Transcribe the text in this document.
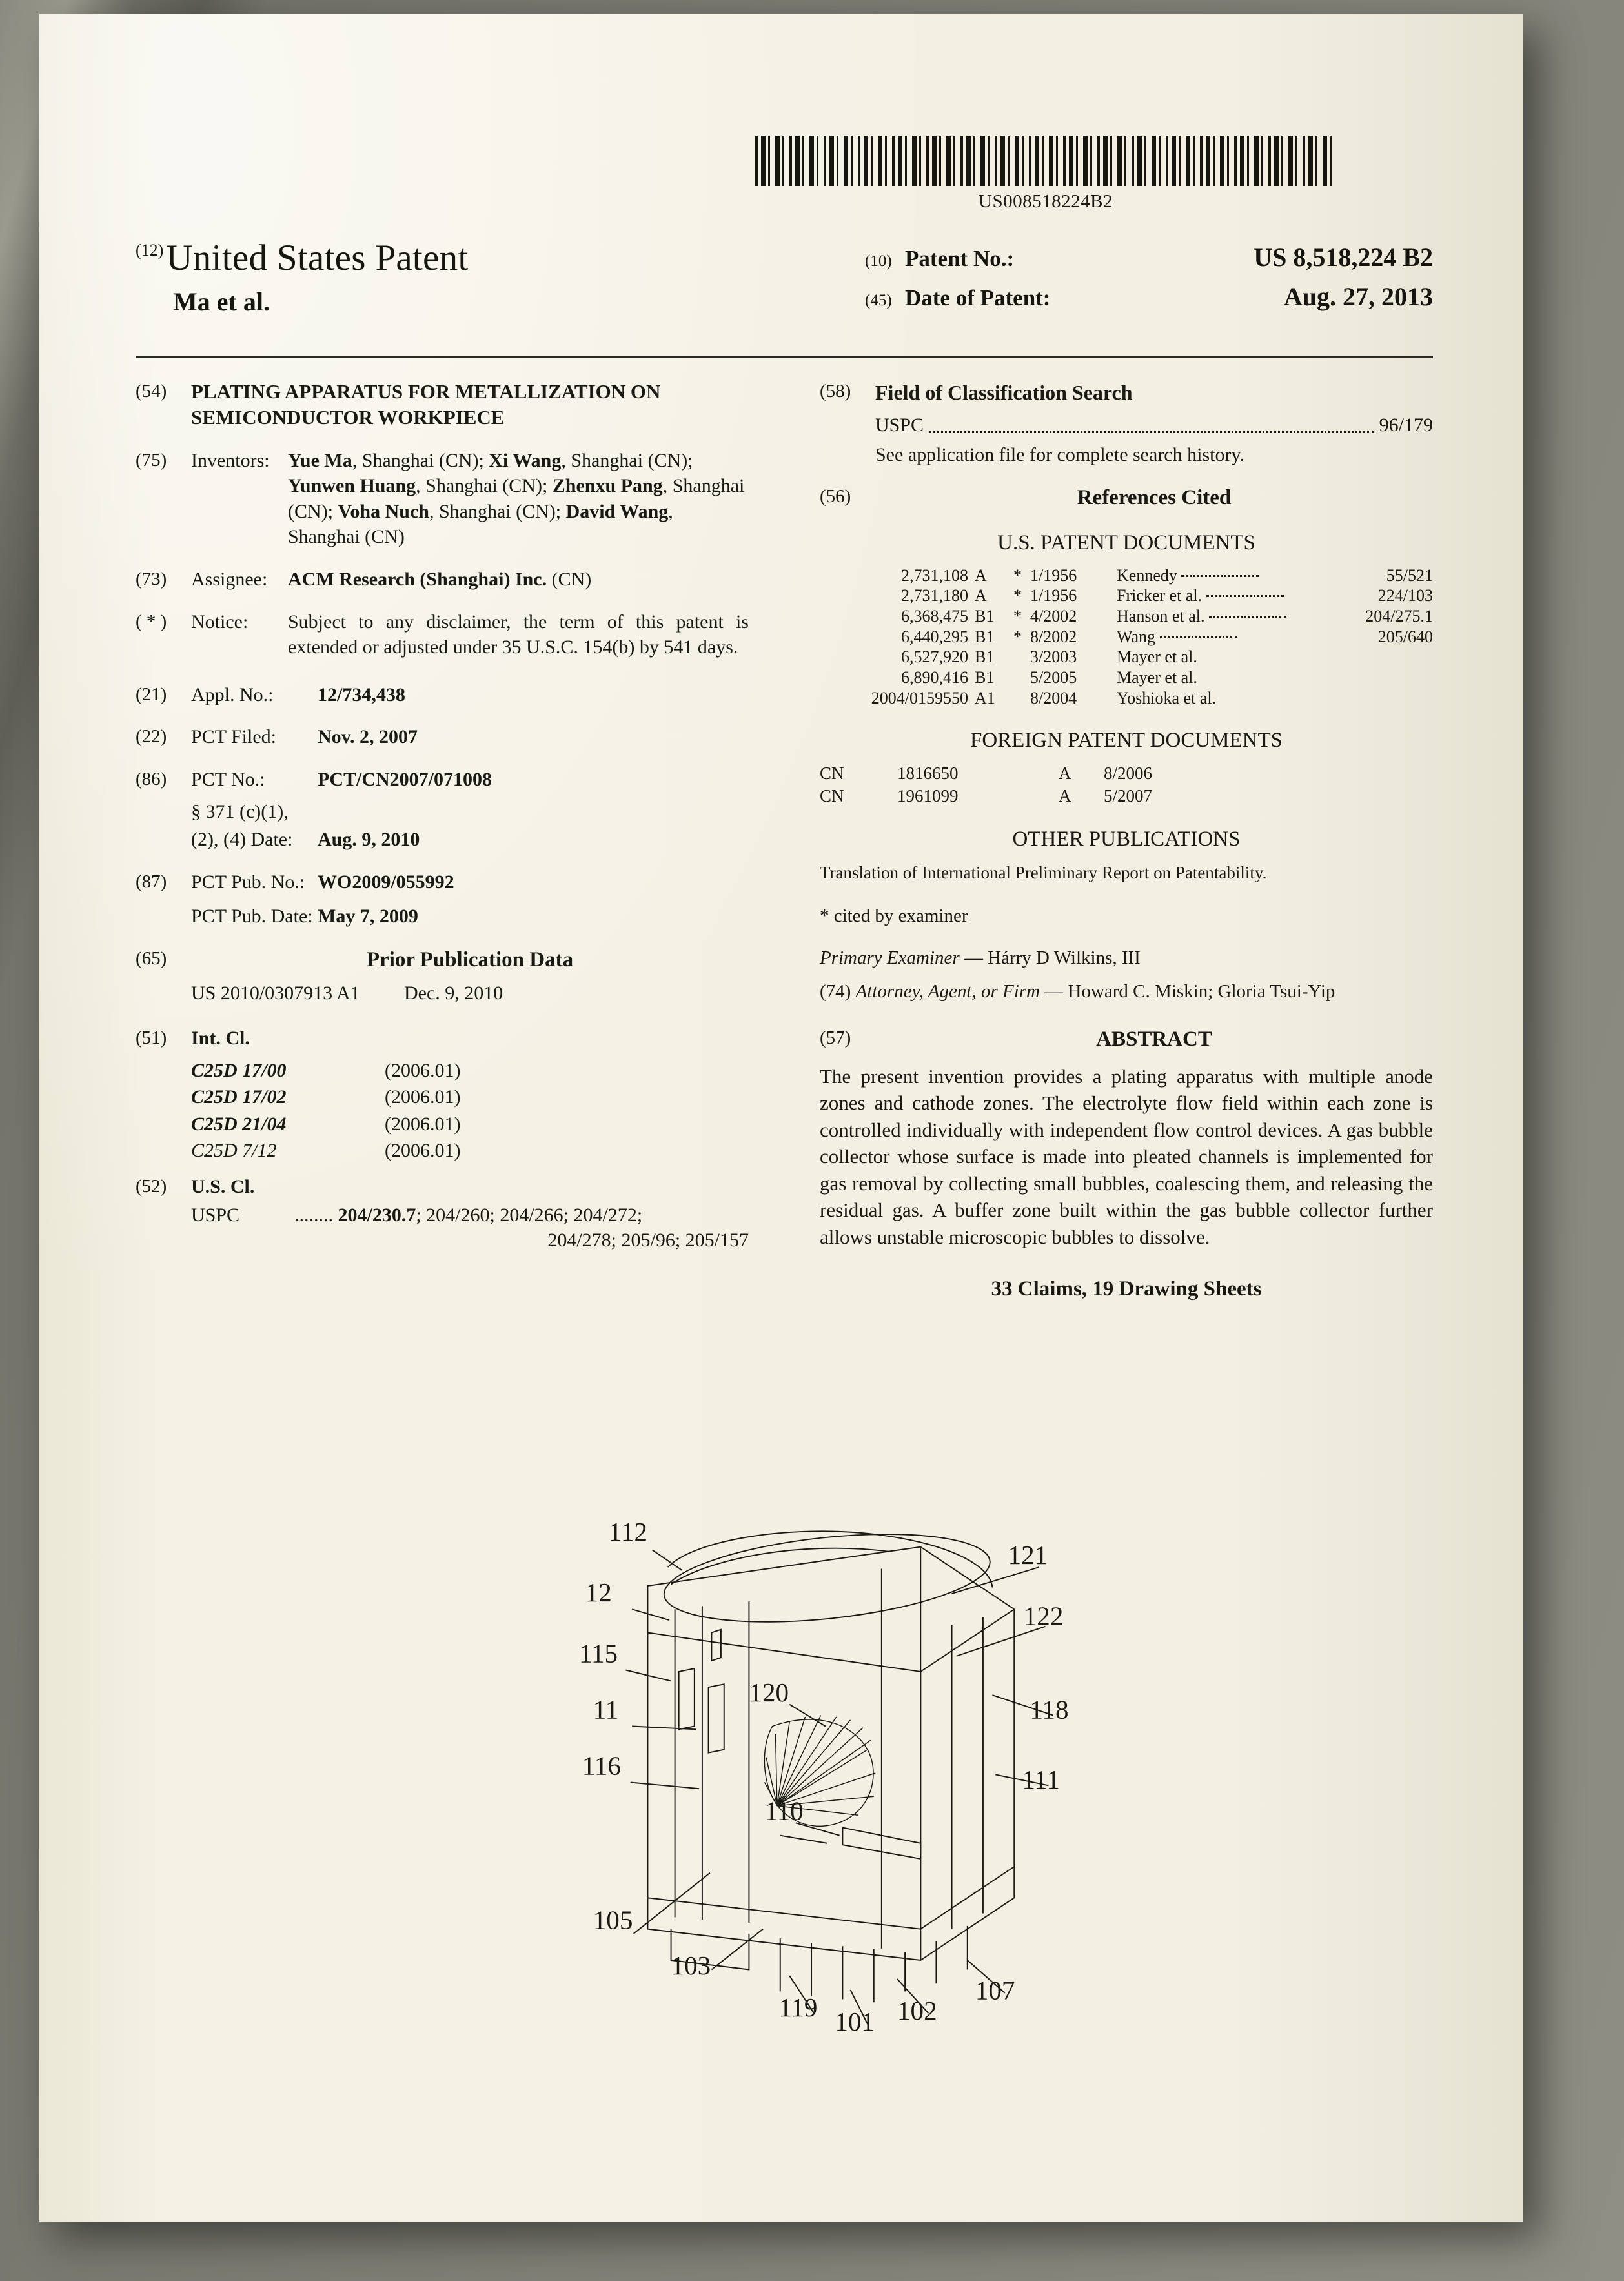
US008518224B2
(12) United States Patent
Ma et al.
(10) Patent No.:	US 8,518,224 B2
(45) Date of Patent:	Aug. 27, 2013
(54)	PLATING APPARATUS FOR METALLIZATION ON SEMICONDUCTOR WORKPIECE
(75)	Inventors: Yue Ma, Shanghai (CN); Xi Wang, Shanghai (CN); Yunwen Huang, Shanghai (CN); Zhenxu Pang, Shanghai (CN); Voha Nuch, Shanghai (CN); David Wang, Shanghai (CN)
(73)	Assignee:	ACM Research (Shanghai) Inc. (CN)
( * )	Notice:	Subject to any disclaimer, the term of this patent is extended or adjusted under 35 U.S.C. 154(b) by 541 days.
(21)	Appl. No.:	12/734,438
(22)	PCT Filed:	Nov. 2, 2007
(86)	PCT No.:	PCT/CN2007/071008
§ 371 (c)(1),
(2), (4) Date:	Aug. 9, 2010
(87)	PCT Pub. No.: WO2009/055992
PCT Pub. Date: May 7, 2009
(65)	Prior Publication Data
US 2010/0307913 A1	Dec. 9, 2010
(51)	Int. Cl.
C25D 17/00	(2006.01)
C25D 17/02	(2006.01)
C25D 21/04	(2006.01)
C25D 7/12	(2006.01)
(52)	U.S. Cl.
USPC	........ 204/230.7; 204/260; 204/266; 204/272;
204/278; 205/96; 205/157
(58)	Field of Classification Search
USPC	96/179
See application file for complete search history.
(56)	References Cited
U.S. PATENT DOCUMENTS
2,731,108 A	* 1/1956	Kennedy	55/521
2,731,180 A	* 1/1956	Fricker et al.	224/103
6,368,475 B1	* 4/2002	Hanson et al.	204/275.1
6,440,295 B1	* 8/2002	Wang	205/640
6,527,920 B1	3/2003	Mayer et al.
6,890,416 B1	5/2005	Mayer et al.
2004/0159550 A1	8/2004	Yoshioka et al.
FOREIGN PATENT DOCUMENTS
CN	1816650	A	8/2006
CN	1961099	A	5/2007
OTHER PUBLICATIONS
Translation of International Preliminary Report on Patentability.
* cited by examiner
Primary Examiner — Hárry D Wilkins, III
(74) Attorney, Agent, or Firm — Howard C. Miskin; Gloria Tsui-Yip
(57)	ABSTRACT
The present invention provides a plating apparatus with multiple anode zones and cathode zones. The electrolyte flow field within each zone is controlled individually with independent flow control devices. A gas bubble collector whose surface is made into pleated channels is implemented for gas removal by collecting small bubbles, coalescing them, and releasing the residual gas. A buffer zone built within the gas bubble collector further allows unstable microscopic bubbles to dissolve.
33 Claims, 19 Drawing Sheets
112
12
115
11
116
105
103
119 101 102
107
110
120
111
118
122
121
